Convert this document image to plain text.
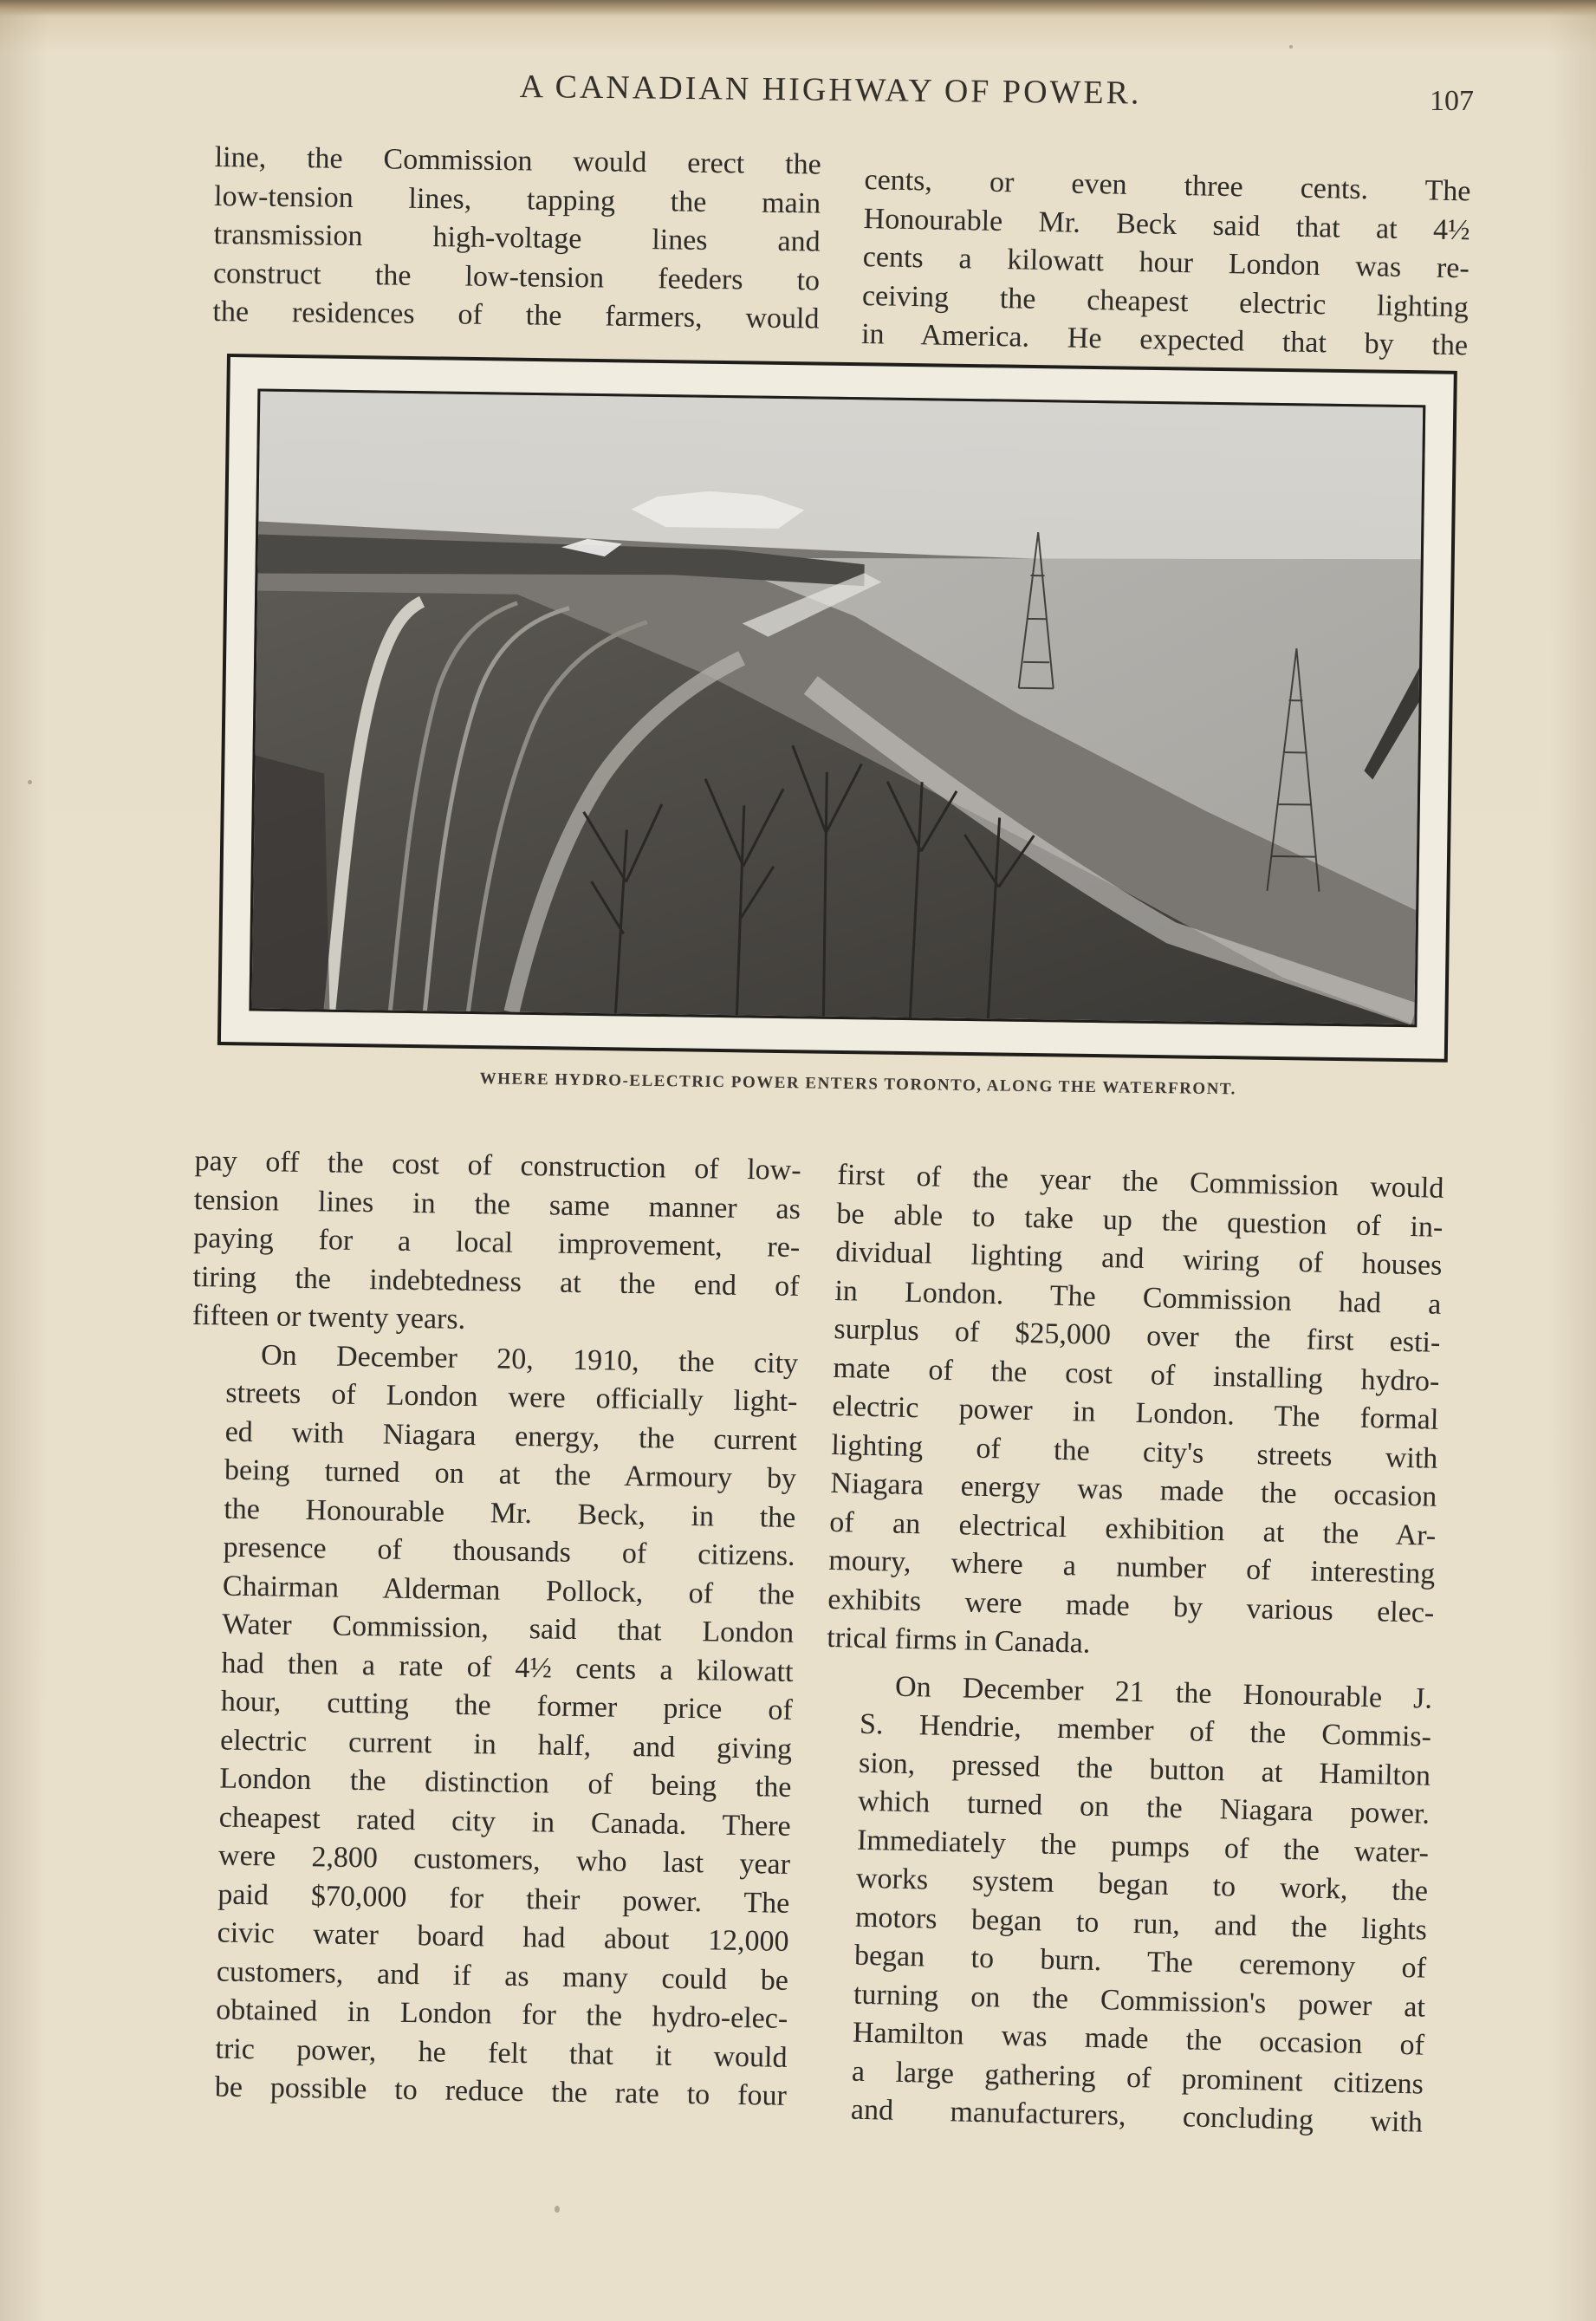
A CANADIAN HIGHWAY OF POWER.	107

line, the Commission would erect the
low-tension lines, tapping the main
transmission high-voltage lines and
construct the low-tension feeders to
the residences of the farmers, would

cents, or even three cents. The
Honourable Mr. Beck said that at 4½
cents a kilowatt hour London was re-
ceiving the cheapest electric lighting
in America. He expected that by the

WHERE HYDRO-ELECTRIC POWER ENTERS TORONTO, ALONG THE WATERFRONT.

pay off the cost of construction of low-
tension lines in the same manner as
paying for a local improvement, re-
tiring the indebtedness at the end of
fifteen or twenty years.

On December 20, 1910, the city
streets of London were officially light-
ed with Niagara energy, the current
being turned on at the Armoury by
the Honourable Mr. Beck, in the
presence of thousands of citizens.
Chairman Alderman Pollock, of the
Water Commission, said that London
had then a rate of 4½ cents a kilowatt
hour, cutting the former price of
electric current in half, and giving
London the distinction of being the
cheapest rated city in Canada. There
were 2,800 customers, who last year
paid $70,000 for their power. The
civic water board had about 12,000
customers, and if as many could be
obtained in London for the hydro-elec-
tric power, he felt that it would
be possible to reduce the rate to four

first of the year the Commission would
be able to take up the question of in-
dividual lighting and wiring of houses
in London. The Commission had a
surplus of $25,000 over the first esti-
mate of the cost of installing hydro-
electric power in London. The formal
lighting of the city's streets with
Niagara energy was made the occasion
of an electrical exhibition at the Ar-
moury, where a number of interesting
exhibits were made by various elec-
trical firms in Canada.

On December 21 the Honourable J.
S. Hendrie, member of the Commis-
sion, pressed the button at Hamilton
which turned on the Niagara power.
Immediately the pumps of the water-
works system began to work, the
motors began to run, and the lights
began to burn. The ceremony of
turning on the Commission's power at
Hamilton was made the occasion of
a large gathering of prominent citizens
and manufacturers, concluding with
